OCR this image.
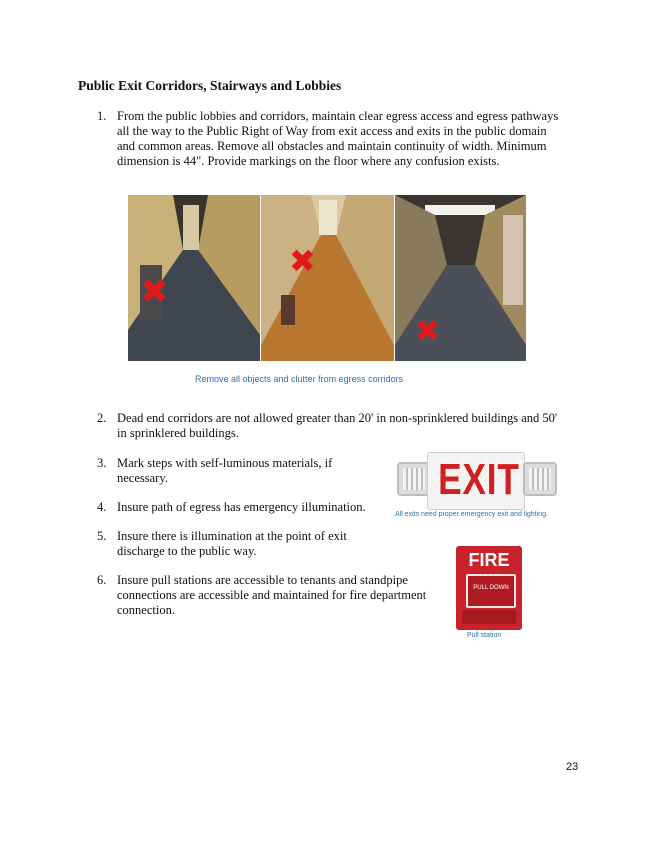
Public Exit Corridors, Stairways and Lobbies
1. From the public lobbies and corridors, maintain clear egress access and egress pathways
all the way to the Public Right of Way from exit access and exits in the public domain
and common areas. Remove all obstacles and maintain continuity of width. Minimum
dimension is 44". Provide markings on the floor where any confusion exists.
✖
✖
✖
Remove all objects and clutter from egress corridors
2. Dead end corridors are not allowed greater than 20' in non-sprinklered buildings and 50'
in sprinklered buildings.
3. Mark steps with self-luminous materials, if
necessary.
4. Insure path of egress has emergency illumination.
5. Insure there is illumination at the point of exit
discharge to the public way.
6. Insure pull stations are accessible to tenants and standpipe
connections are accessible and maintained for fire department
connection.
EXIT
All exits need proper emergency exit and lighting.
FIRE
PULL DOWN
Pull station
23
